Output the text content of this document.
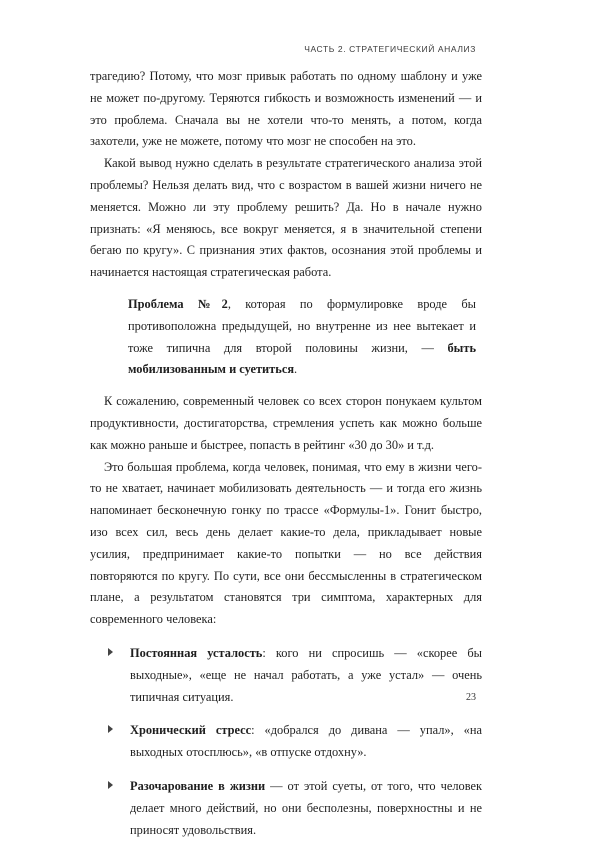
ЧАСТЬ 2. СТРАТЕГИЧЕСКИЙ АНАЛИЗ

трагедию? Потому, что мозг привык работать по одному шаблону и уже не может по-другому. Теряются гибкость и возможность изменений — и это проблема. Сначала вы не хотели что-то менять, а потом, когда захотели, уже не можете, потому что мозг не способен на это.

Какой вывод нужно сделать в результате стратегического анализа этой проблемы? Нельзя делать вид, что с возрастом в вашей жизни ничего не меняется. Можно ли эту проблему решить? Да. Но в начале нужно признать: «Я меняюсь, все вокруг меняется, я в значительной степени бегаю по кругу». С признания этих фактов, осознания этой проблемы и начинается настоящая стратегическая работа.

Проблема №2, которая по формулировке вроде бы противоположна предыдущей, но внутренне из нее вытекает и тоже типична для второй половины жизни, — быть мобилизованным и суетиться.

К сожалению, современный человек со всех сторон понукаем культом продуктивности, достигаторства, стремления успеть как можно больше как можно раньше и быстрее, попасть в рейтинг «30 до 30» и т.д.

Это большая проблема, когда человек, понимая, что ему в жизни чего-то не хватает, начинает мобилизовать деятельность — и тогда его жизнь напоминает бесконечную гонку по трассе «Формулы-1». Гонит быстро, изо всех сил, весь день делает какие-то дела, прикладывает новые усилия, предпринимает какие-то попытки — но все действия повторяются по кругу. По сути, все они бессмысленны в стратегическом плане, а результатом становятся три симптома, характерных для современного человека:

Постоянная усталость: кого ни спросишь — «скорее бы выходные», «еще не начал работать, а уже устал» — очень типичная ситуация.

Хронический стресс: «добрался до дивана — упал», «на выходных отосплюсь», «в отпуске отдохну».

Разочарование в жизни — от этой суеты, от того, что человек делает много действий, но они бесполезны, поверхностны и не приносят удовольствия.

23
